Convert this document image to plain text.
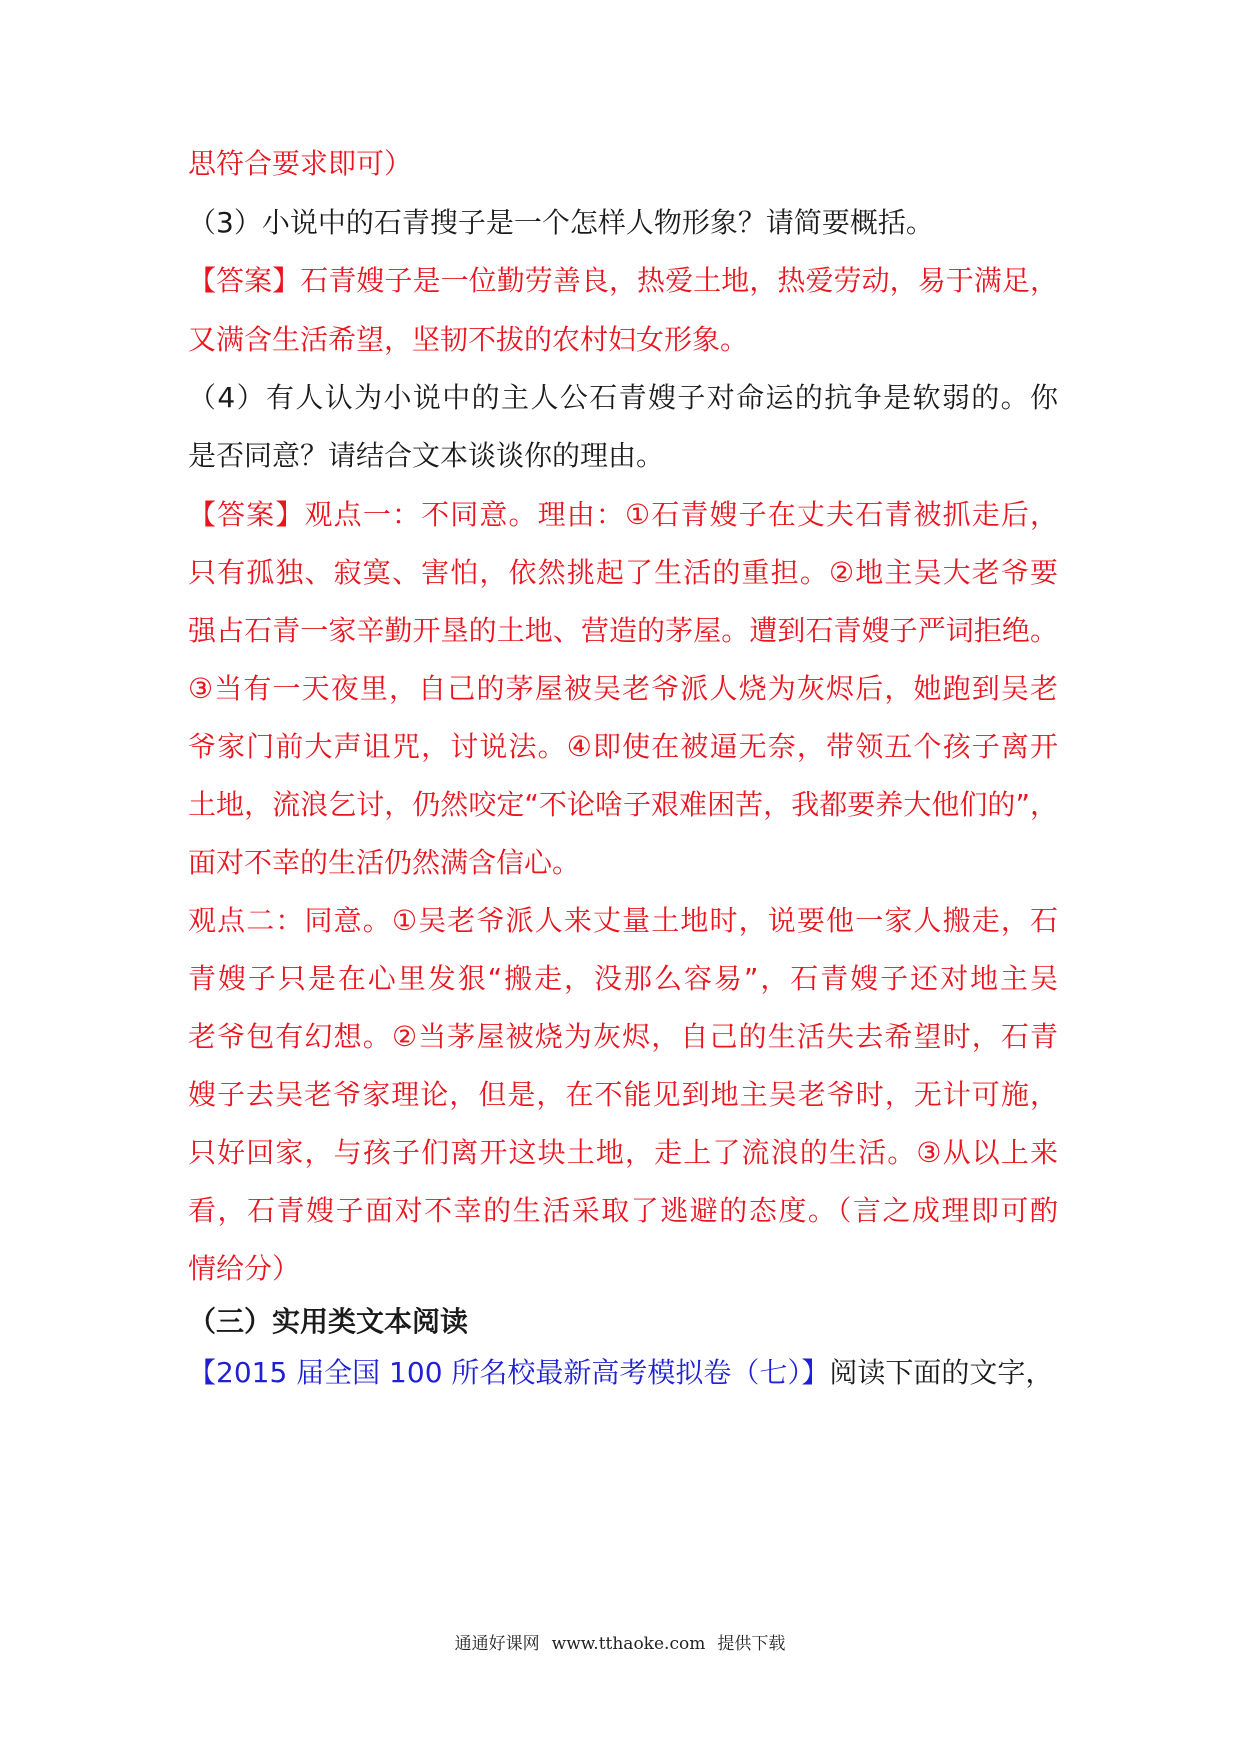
思符合要求即可）
（3）小说中的石青搜子是一个怎样人物形象？请简要概括。
【答案】石青嫂子是一位勤劳善良，热爱土地，热爱劳动，易于满足，
又满含生活希望，坚韧不拔的农村妇女形象。
（4）有人认为小说中的主人公石青嫂子对命运的抗争是软弱的。你
是否同意？请结合文本谈谈你的理由。
【答案】观点一：不同意。理由：①石青嫂子在丈夫石青被抓走后，
只有孤独、寂寞、害怕，依然挑起了生活的重担。②地主吴大老爷要
强占石青一家辛勤开垦的土地、营造的茅屋。遭到石青嫂子严词拒绝。
③当有一天夜里，自己的茅屋被吴老爷派人烧为灰烬后，她跑到吴老
爷家门前大声诅咒，讨说法。④即使在被逼无奈，带领五个孩子离开
土地，流浪乞讨，仍然咬定“不论啥子艰难困苦，我都要养大他们的”，
面对不幸的生活仍然满含信心。
观点二：同意。①吴老爷派人来丈量土地时，说要他一家人搬走，石
青嫂子只是在心里发狠“搬走，没那么容易”，石青嫂子还对地主吴
老爷包有幻想。②当茅屋被烧为灰烬，自己的生活失去希望时，石青
嫂子去吴老爷家理论，但是，在不能见到地主吴老爷时，无计可施，
只好回家，与孩子们离开这块土地，走上了流浪的生活。③从以上来
看，石青嫂子面对不幸的生活采取了逃避的态度。（言之成理即可酌
情给分）
（三）实用类文本阅读
【2015 届全国 100 所名校最新高考模拟卷（七）】阅读下面的文字，
通通好课网 www.tthaoke.com 提供下载
